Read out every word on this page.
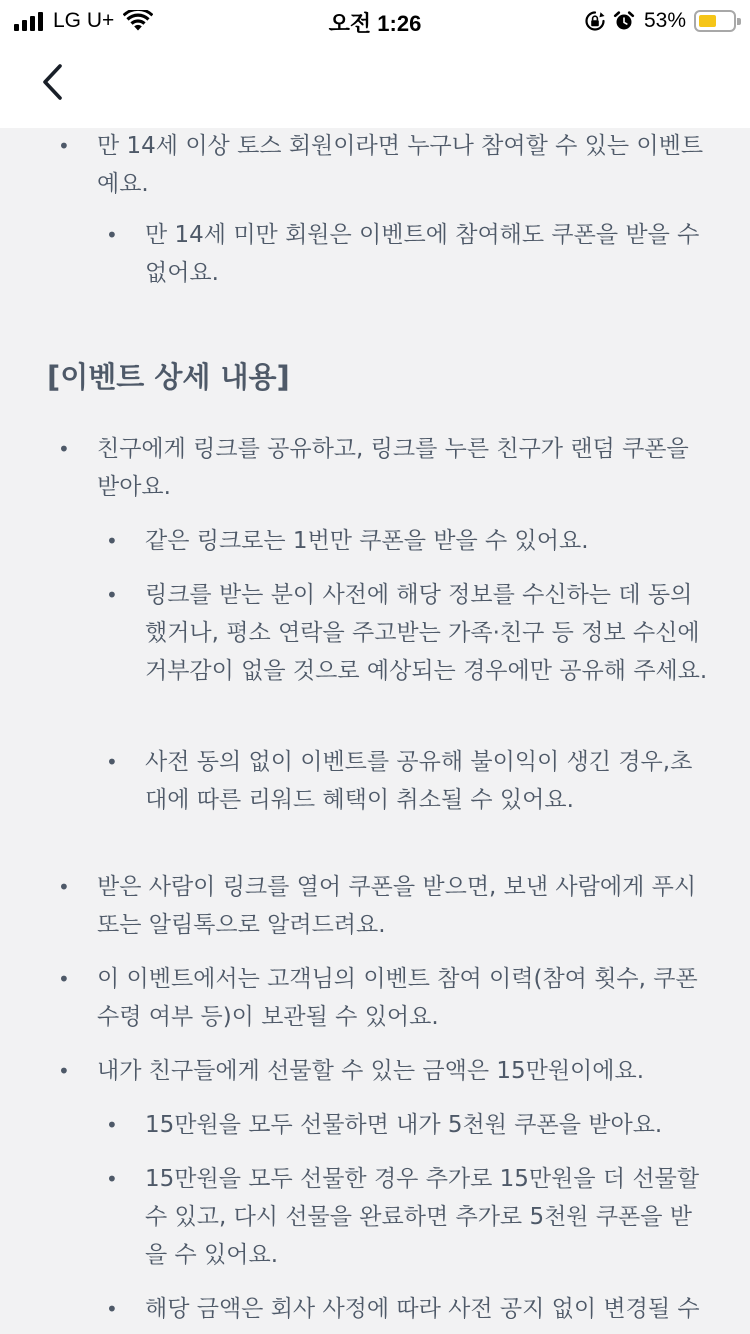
LG U+	오전 1:26	53%
• 만 14세 이상 토스 회원이라면 누구나 참여할 수 있는 이벤트예요.
• 만 14세 미만 회원은 이벤트에 참여해도 쿠폰을 받을 수 없어요.
[이벤트 상세 내용]
• 친구에게 링크를 공유하고, 링크를 누른 친구가 랜덤 쿠폰을 받아요.
• 같은 링크로는 1번만 쿠폰을 받을 수 있어요.
• 링크를 받는 분이 사전에 해당 정보를 수신하는 데 동의했거나, 평소 연락을 주고받는 가족·친구 등 정보 수신에 거부감이 없을 것으로 예상되는 경우에만 공유해 주세요.
• 사전 동의 없이 이벤트를 공유해 불이익이 생긴 경우,초대에 따른 리워드 혜택이 취소될 수 있어요.
• 받은 사람이 링크를 열어 쿠폰을 받으면, 보낸 사람에게 푸시 또는 알림톡으로 알려드려요.
• 이 이벤트에서는 고객님의 이벤트 참여 이력(참여 횟수, 쿠폰 수령 여부 등)이 보관될 수 있어요.
• 내가 친구들에게 선물할 수 있는 금액은 15만원이에요.
• 15만원을 모두 선물하면 내가 5천원 쿠폰을 받아요.
• 15만원을 모두 선물한 경우 추가로 15만원을 더 선물할 수 있고, 다시 선물을 완료하면 추가로 5천원 쿠폰을 받을 수 있어요.
• 해당 금액은 회사 사정에 따라 사전 공지 없이 변경될 수
